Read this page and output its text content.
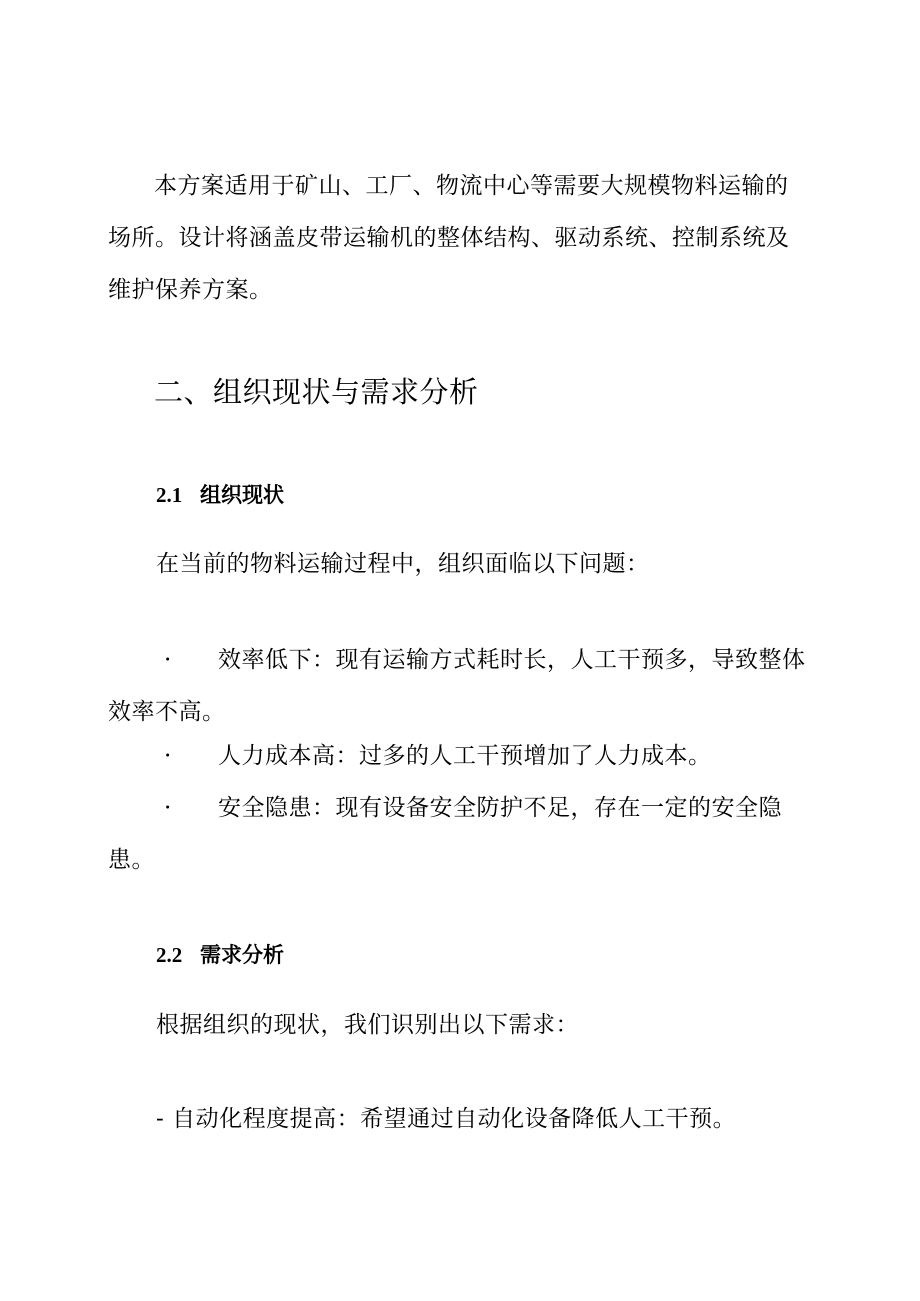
本方案适用于矿山、工厂、物流中心等需要大规模物料运输的场所。设计将涵盖皮带运输机的整体结构、驱动系统、控制系统及维护保养方案。

二、组织现状与需求分析
2.1 组织现状

在当前的物料运输过程中，组织面临以下问题：

· 效率低下：现有运输方式耗时长，人工干预多，导致整体效率不高。

· 人力成本高：过多的人工干预增加了人力成本。

· 安全隐患：现有设备安全防护不足，存在一定的安全隐患。

2.2 需求分析

根据组织的现状，我们识别出以下需求：

- 自动化程度提高：希望通过自动化设备降低人工干预。
